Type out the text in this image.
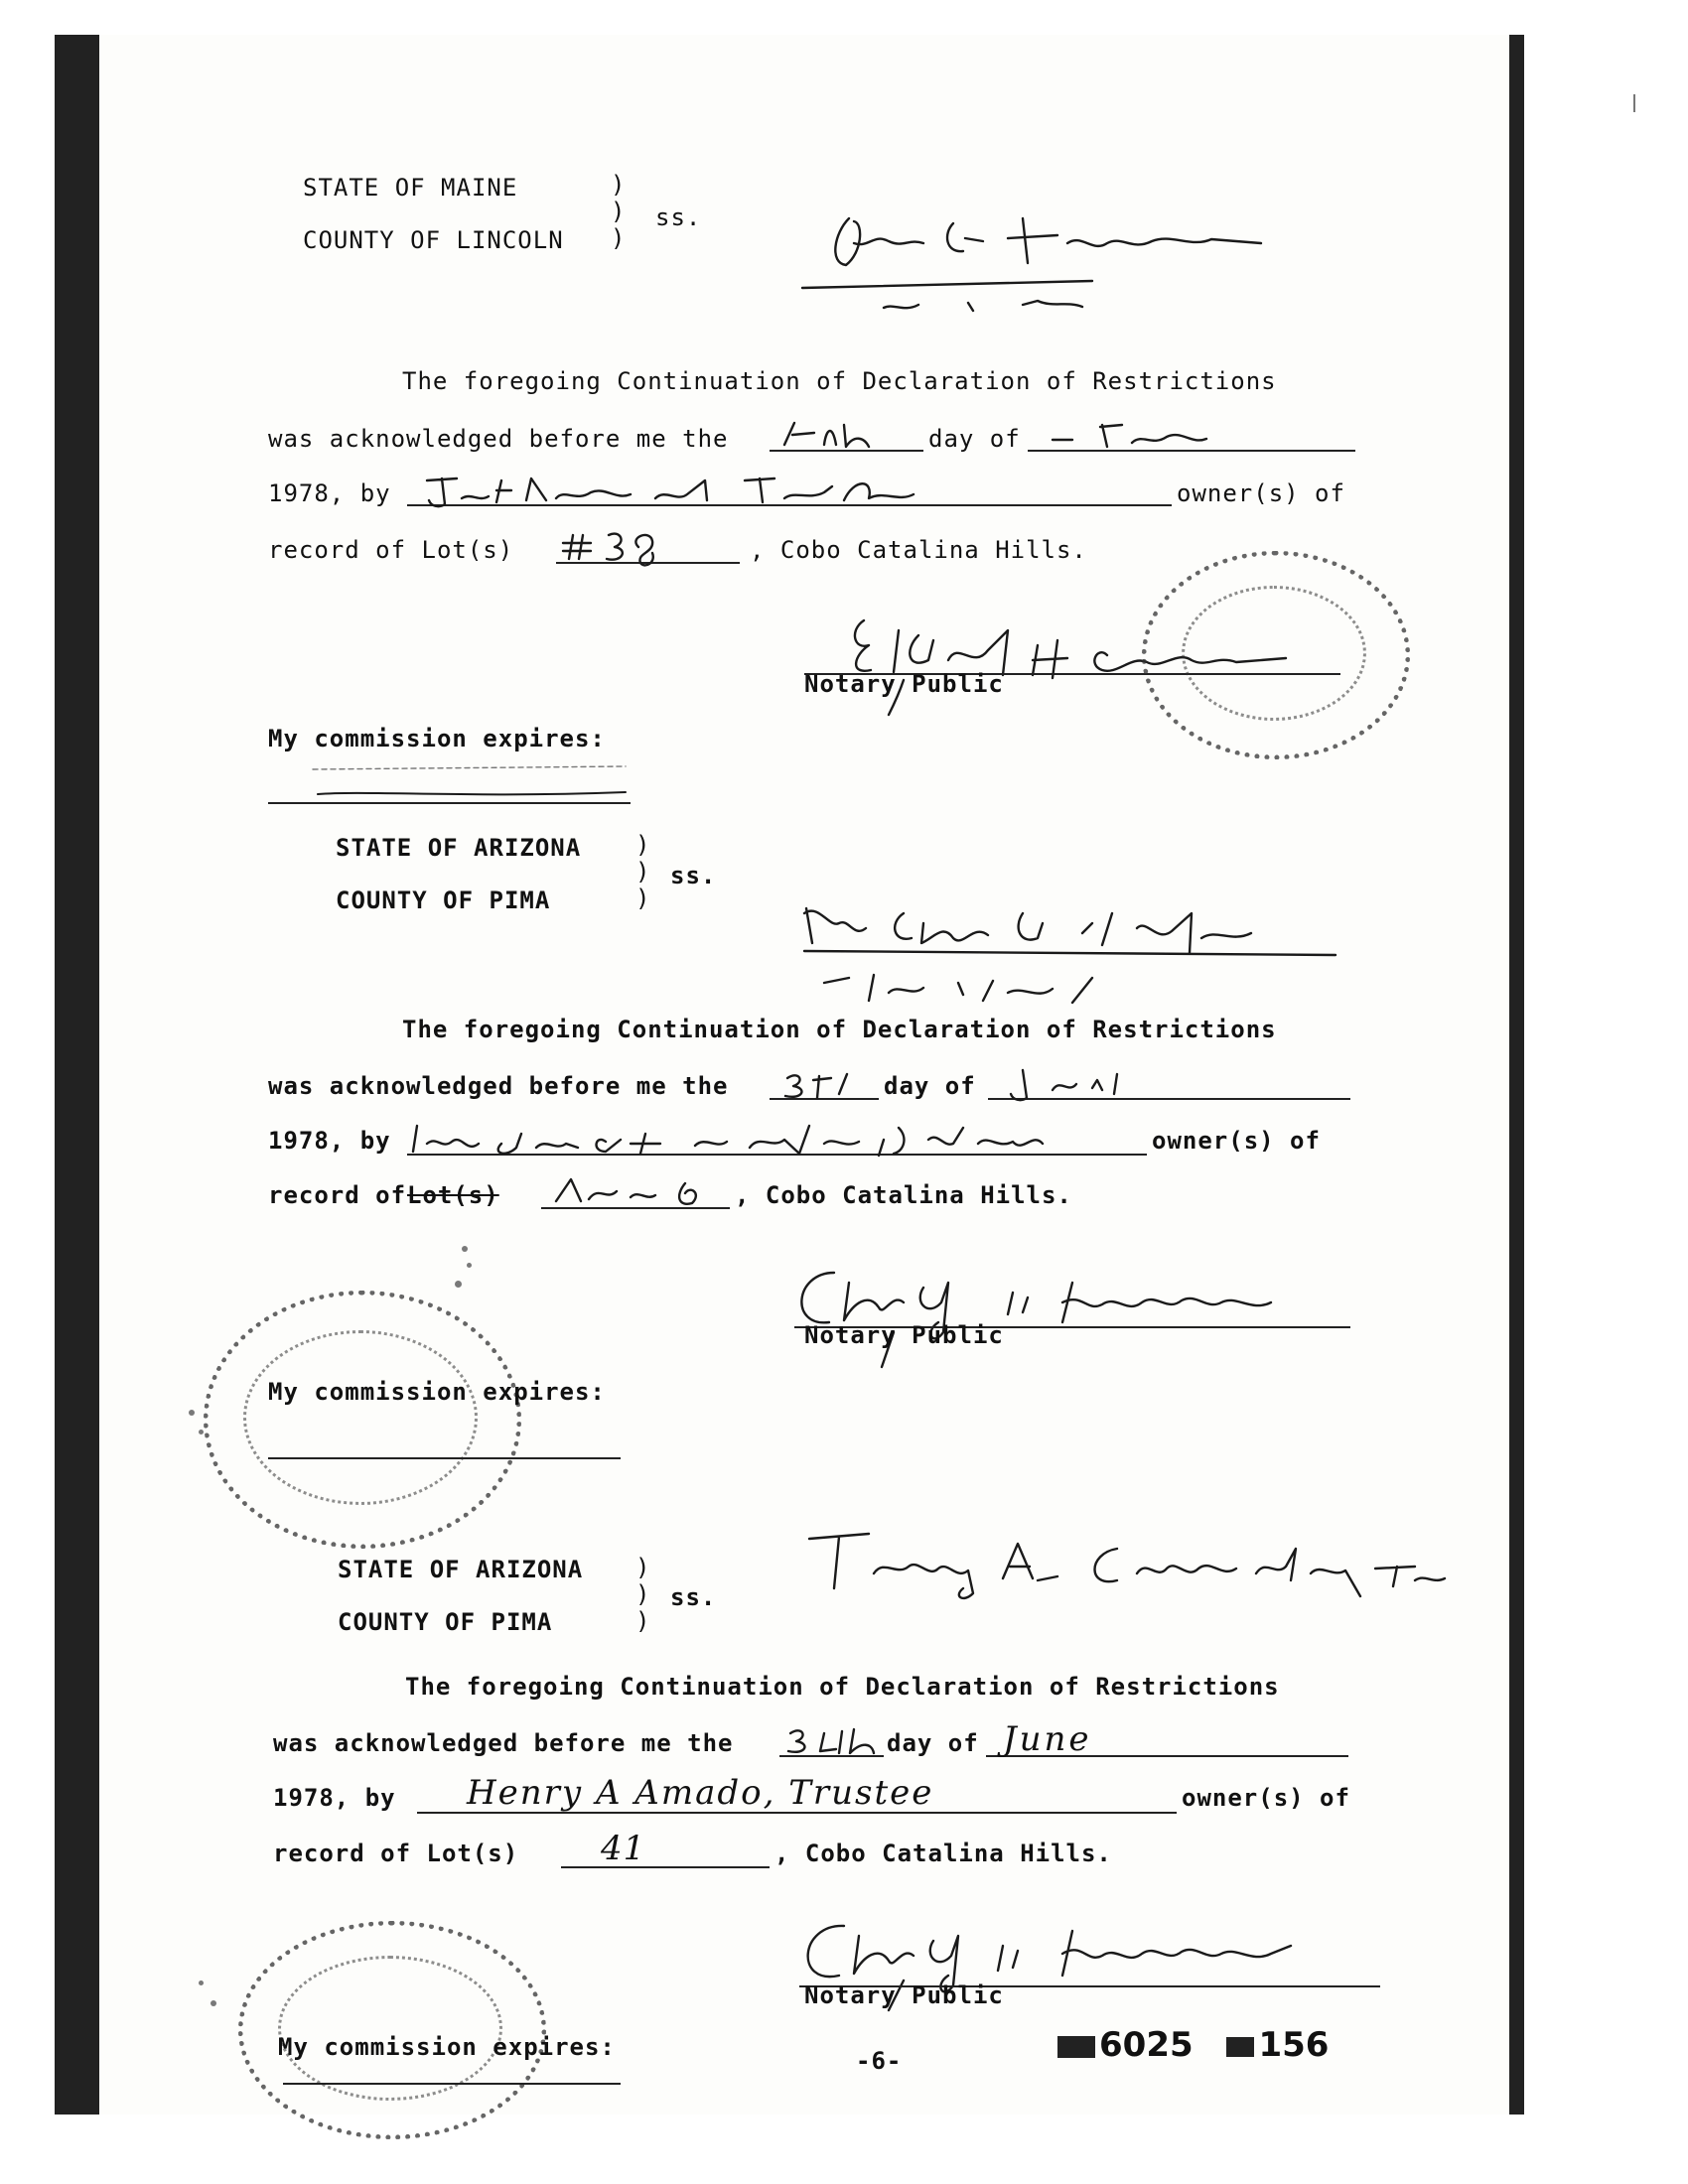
STATE OF MAINE
COUNTY OF LINCOLN
)
)
)
ss.
The foregoing Continuation of Declaration of Restrictions
was acknowledged before me the	day of
1978, by	owner(s) of
record of Lot(s)	, Cobo Catalina Hills.
Notary Public
My commission expires:
STATE OF ARIZONA
COUNTY OF PIMA
)
)
)
ss.
The foregoing Continuation of Declaration of Restrictions
was acknowledged before me the	day of
1978, by	owner(s) of
record of Lot(s)	, Cobo Catalina Hills.
Notary Public
My commission expires:
STATE OF ARIZONA
COUNTY OF PIMA
)
)
)
ss.
The foregoing Continuation of Declaration of Restrictions
was acknowledged before me the	day of June
1978, by Henry A Amado, Trustee	owner(s) of
record of Lot(s) 41	, Cobo Catalina Hills.
Notary Public
My commission expires:	-6-	6025 156
